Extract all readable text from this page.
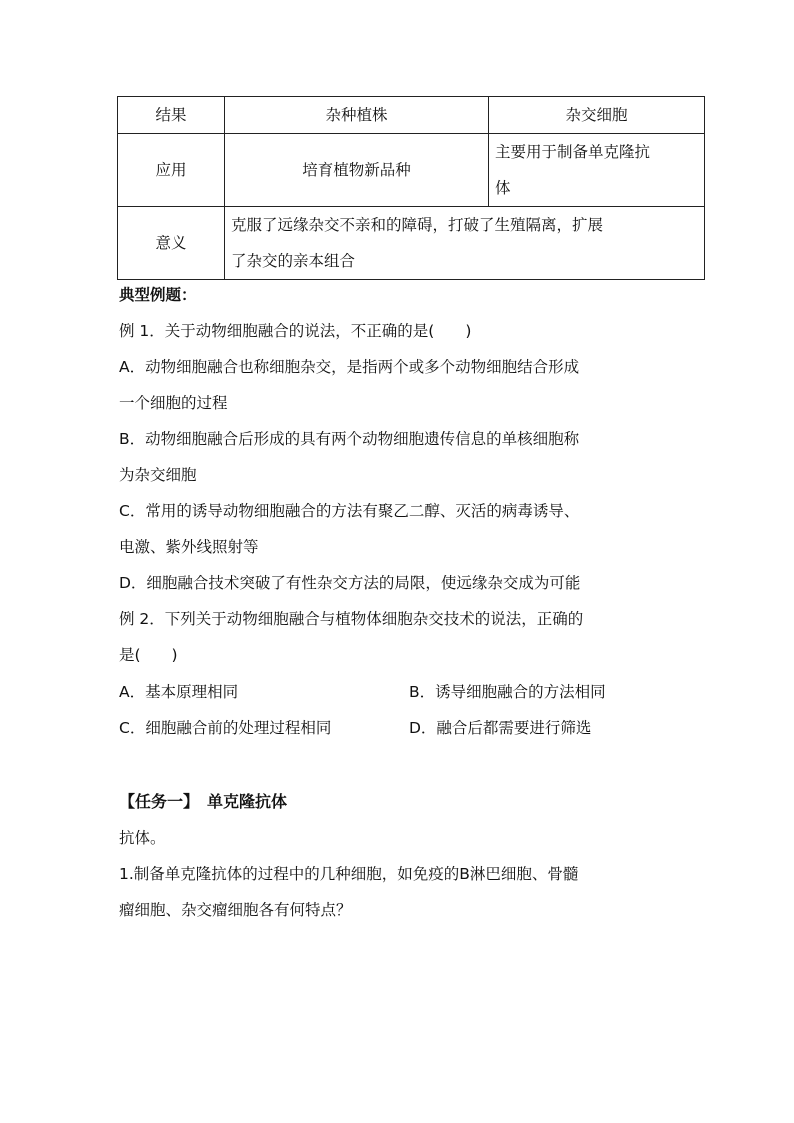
结果	杂种植株	杂交细胞
应用	培育植物新品种	主要用于制备单克隆抗
体

意义	克服了远缘杂交不亲和的障碍，打破了生殖隔离，扩展
了杂交的亲本组合	
典型例题：
例 1．关于动物细胞融合的说法，不正确的是(　　)
A．动物细胞融合也称细胞杂交，是指两个或多个动物细胞结合形成
一个细胞的过程
B．动物细胞融合后形成的具有两个动物细胞遗传信息的单核细胞称
为杂交细胞
C．常用的诱导动物细胞融合的方法有聚乙二醇、灭活的病毒诱导、
电激、紫外线照射等
D．细胞融合技术突破了有性杂交方法的局限，使远缘杂交成为可能
例 2．下列关于动物细胞融合与植物体细胞杂交技术的说法，正确的
是(　　)
A．基本原理相同	B．诱导细胞融合的方法相同
C．细胞融合前的处理过程相同	D．融合后都需要进行筛选
【任务一】　单克隆抗体
抗体。
1.制备单克隆抗体的过程中的几种细胞，如免疫的B淋巴细胞、骨髓
瘤细胞、杂交瘤细胞各有何特点？
